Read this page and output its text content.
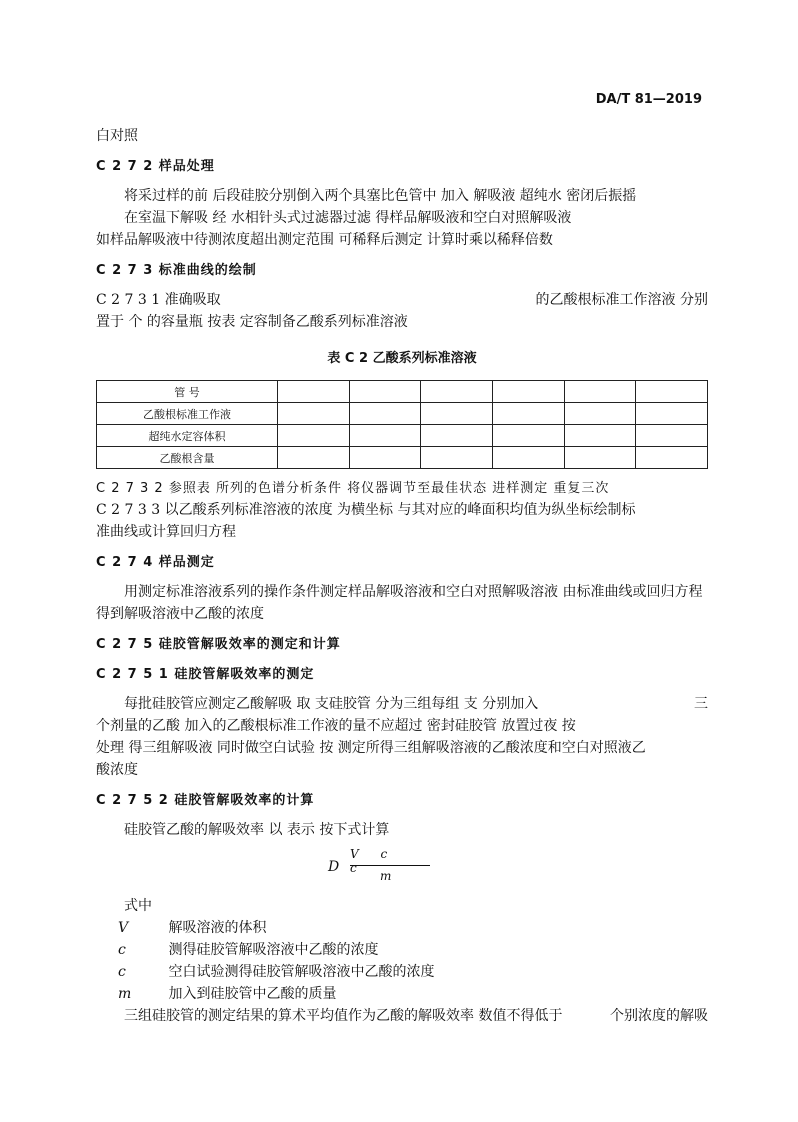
DA/T 81—2019
白对照
C 2 7 2 样品处理
将采过样的前 后段硅胶分别倒入两个具塞比色管中 加入 解吸液 超纯水 密闭后振摇
在室温下解吸 经 水相针头式过滤器过滤 得样品解吸液和空白对照解吸液
如样品解吸液中待测浓度超出测定范围 可稀释后测定 计算时乘以稀释倍数
C 2 7 3 标准曲线的绘制
C 2 7 3 1 准确吸取	的乙酸根标准工作溶液 分别
置于 个 的容量瓶 按表 定容制备乙酸系列标准溶液
表 C 2 乙酸系列标准溶液
管 号						
乙酸根标准工作液						
超纯水定容体积						
乙酸根含量						
C 2 7 3 2 参照表 所列的色谱分析条件 将仪器调节至最佳状态 进样测定 重复三次
C 2 7 3 3 以乙酸系列标准溶液的浓度 为横坐标 与其对应的峰面积均值为纵坐标绘制标
准曲线或计算回归方程
C 2 7 4 样品测定
用测定标准溶液系列的操作条件测定样品解吸溶液和空白对照解吸溶液 由标准曲线或回归方程
得到解吸溶液中乙酸的浓度
C 2 7 5 硅胶管解吸效率的测定和计算
C 2 7 5 1 硅胶管解吸效率的测定
每批硅胶管应测定乙酸解吸 取 支硅胶管 分为三组每组 支 分别加入	三
个剂量的乙酸 加入的乙酸根标准工作液的量不应超过 密封硅胶管 放置过夜 按
处理 得三组解吸液 同时做空白试验 按 测定所得三组解吸溶液的乙酸浓度和空白对照液乙
酸浓度
C 2 7 5 2 硅胶管解吸效率的计算
硅胶管乙酸的解吸效率 以 表示 按下式计算
D
V c c
m
式中
V	解吸溶液的体积
c	测得硅胶管解吸溶液中乙酸的浓度
c	空白试验测得硅胶管解吸溶液中乙酸的浓度
m	加入到硅胶管中乙酸的质量
三组硅胶管的测定结果的算术平均值作为乙酸的解吸效率 数值不得低于	个别浓度的解吸
